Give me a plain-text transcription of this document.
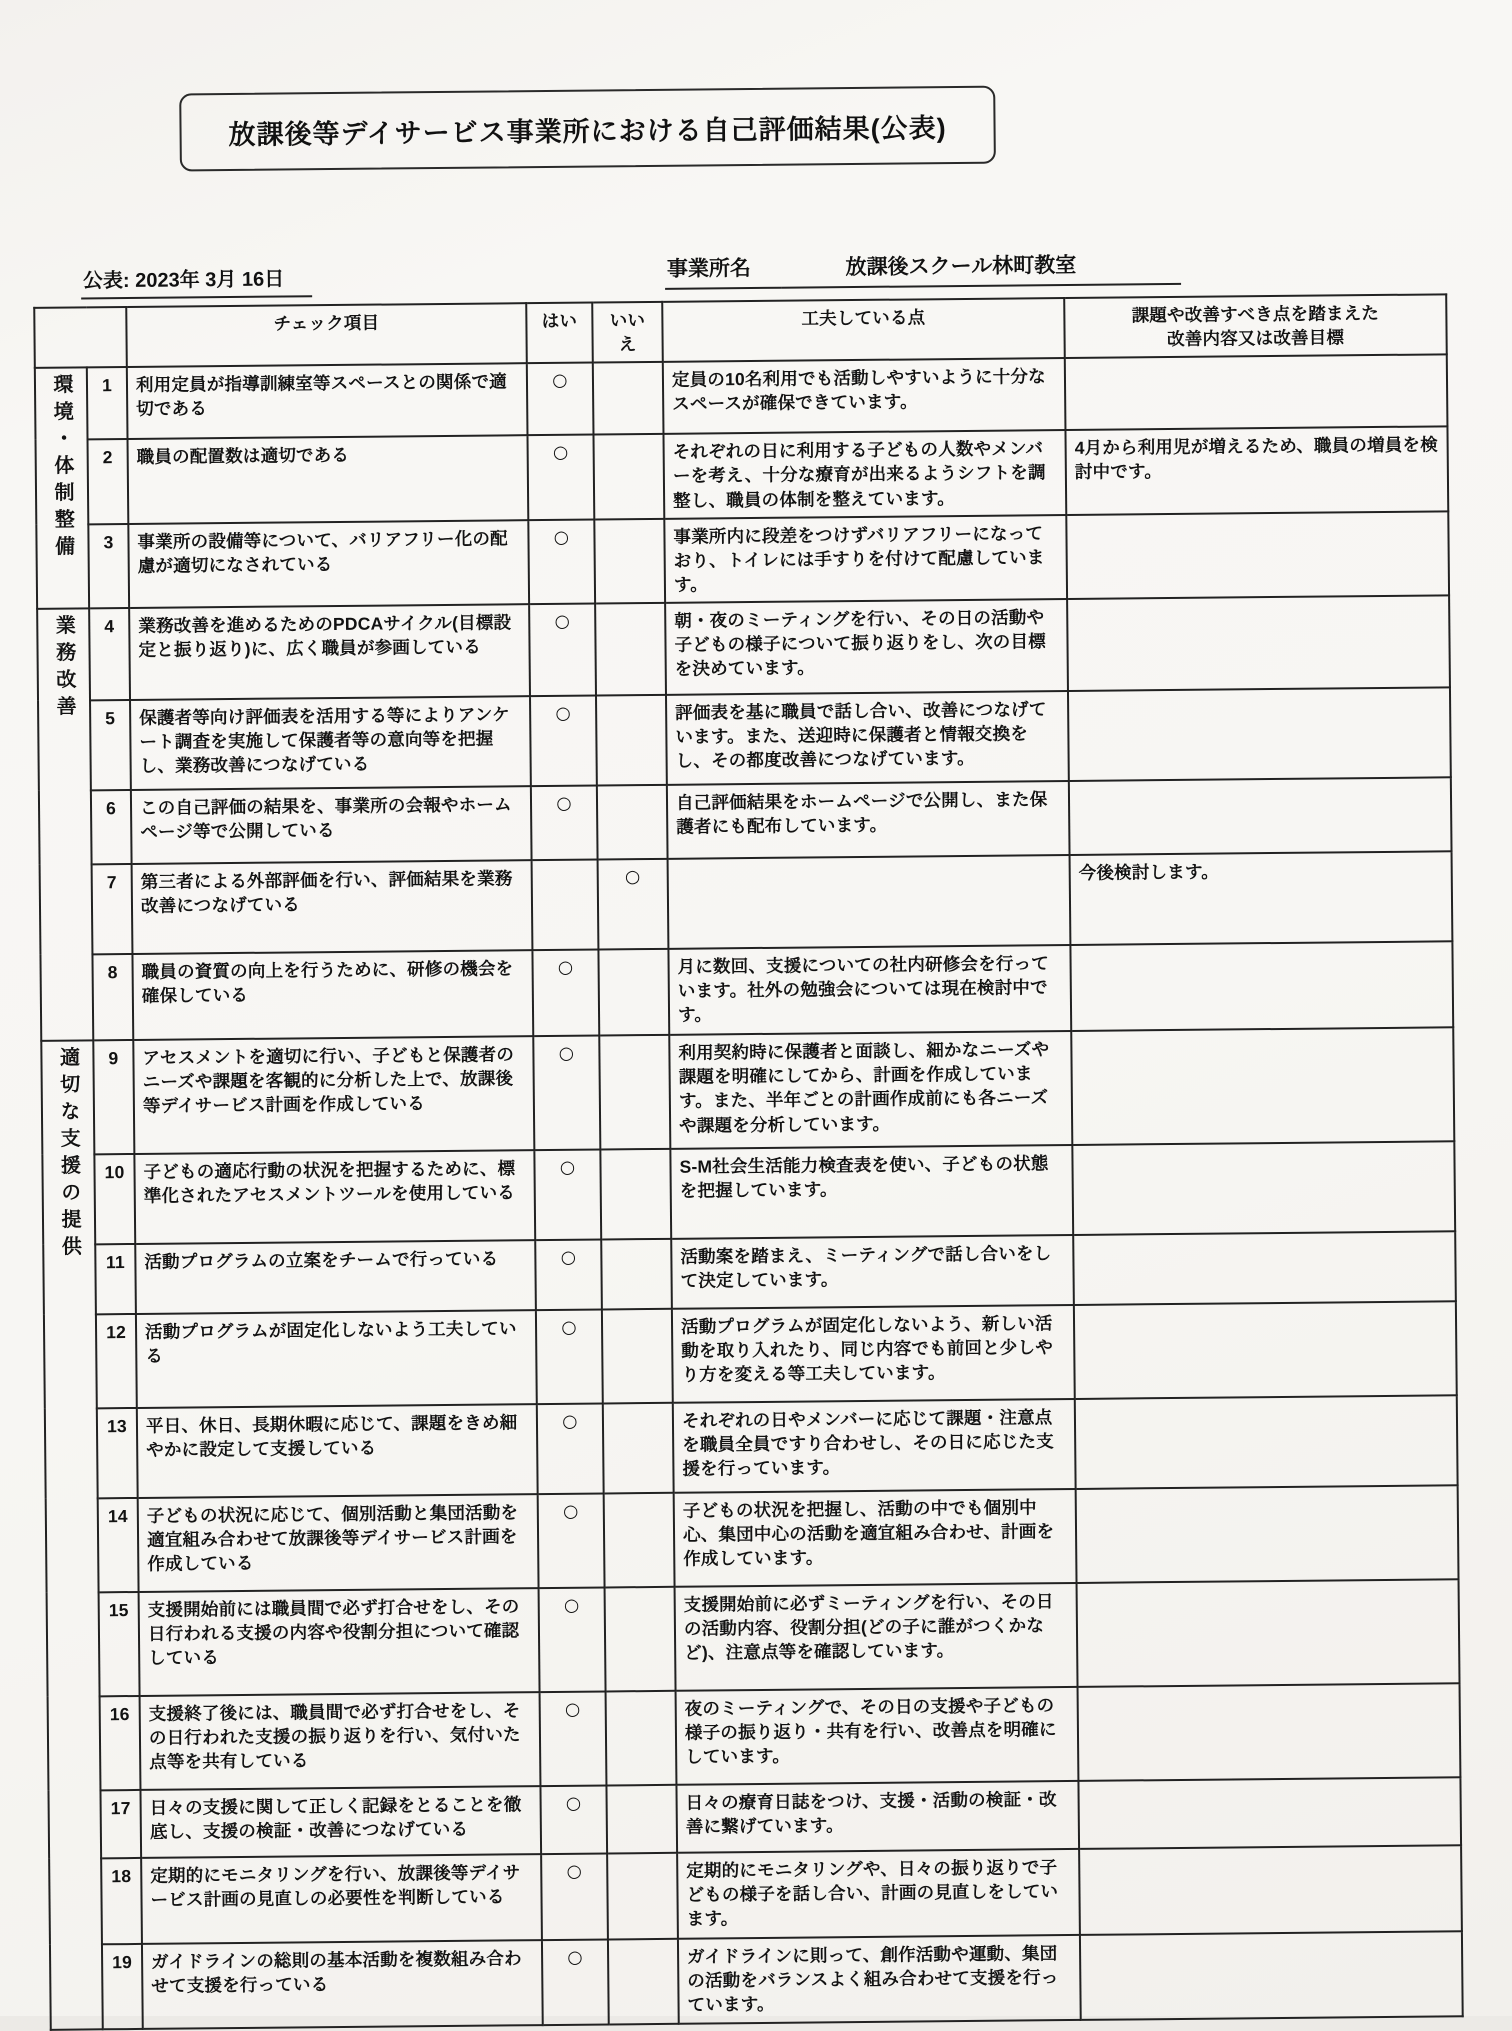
放課後等デイサービス事業所における自己評価結果(公表)
公表: 2023年 3月 16日	事業所名	放課後スクール林町教室
		チェック項目	はい	いいえ	工夫している点	課題や改善すべき点を踏まえた
改善内容又は改善目標
環境・体制整備	1	利用定員が指導訓練室等スペースとの関係で適切である	○		定員の10名利用でも活動しやすいように十分なスペースが確保できています。	
	2	職員の配置数は適切である	○		それぞれの日に利用する子どもの人数やメンバーを考え、十分な療育が出来るようシフトを調整し、職員の体制を整えています。	4月から利用児が増えるため、職員の増員を検討中です。
	3	事業所の設備等について、バリアフリー化の配慮が適切になされている	○		事業所内に段差をつけずバリアフリーになっており、トイレには手すりを付けて配慮しています。	
業務改善	4	業務改善を進めるためのPDCAサイクル(目標設定と振り返り)に、広く職員が参画している	○		朝・夜のミーティングを行い、その日の活動や子どもの様子について振り返りをし、次の目標を決めています。	
	5	保護者等向け評価表を活用する等によりアンケート調査を実施して保護者等の意向等を把握し、業務改善につなげている	○		評価表を基に職員で話し合い、改善につなげています。また、送迎時に保護者と情報交換をし、その都度改善につなげています。	
	6	この自己評価の結果を、事業所の会報やホームページ等で公開している	○		自己評価結果をホームページで公開し、また保護者にも配布しています。	
	7	第三者による外部評価を行い、評価結果を業務改善につなげている		○		今後検討します。
	8	職員の資質の向上を行うために、研修の機会を確保している	○		月に数回、支援についての社内研修会を行っています。社外の勉強会については現在検討中です。	
適切な支援の提供	9	アセスメントを適切に行い、子どもと保護者のニーズや課題を客観的に分析した上で、放課後等デイサービス計画を作成している	○		利用契約時に保護者と面談し、細かなニーズや課題を明確にしてから、計画を作成しています。また、半年ごとの計画作成前にも各ニーズや課題を分析しています。	
	10	子どもの適応行動の状況を把握するために、標準化されたアセスメントツールを使用している	○		S-M社会生活能力検査表を使い、子どもの状態を把握しています。	
	11	活動プログラムの立案をチームで行っている	○		活動案を踏まえ、ミーティングで話し合いをして決定しています。	
	12	活動プログラムが固定化しないよう工夫している	○		活動プログラムが固定化しないよう、新しい活動を取り入れたり、同じ内容でも前回と少しやり方を変える等工夫しています。	
	13	平日、休日、長期休暇に応じて、課題をきめ細やかに設定して支援している	○		それぞれの日やメンバーに応じて課題・注意点を職員全員ですり合わせし、その日に応じた支援を行っています。	
	14	子どもの状況に応じて、個別活動と集団活動を適宜組み合わせて放課後等デイサービス計画を作成している	○		子どもの状況を把握し、活動の中でも個別中心、集団中心の活動を適宜組み合わせ、計画を作成しています。	
	15	支援開始前には職員間で必ず打合せをし、その日行われる支援の内容や役割分担について確認している	○		支援開始前に必ずミーティングを行い、その日の活動内容、役割分担(どの子に誰がつくかなど)、注意点等を確認しています。	
	16	支援終了後には、職員間で必ず打合せをし、その日行われた支援の振り返りを行い、気付いた点等を共有している	○		夜のミーティングで、その日の支援や子どもの様子の振り返り・共有を行い、改善点を明確にしています。	
	17	日々の支援に関して正しく記録をとることを徹底し、支援の検証・改善につなげている	○		日々の療育日誌をつけ、支援・活動の検証・改善に繋げています。	
	18	定期的にモニタリングを行い、放課後等デイサービス計画の見直しの必要性を判断している	○		定期的にモニタリングや、日々の振り返りで子どもの様子を話し合い、計画の見直しをしています。	
	19	ガイドラインの総則の基本活動を複数組み合わせて支援を行っている	○		ガイドラインに則って、創作活動や運動、集団の活動をバランスよく組み合わせて支援を行っています。	
